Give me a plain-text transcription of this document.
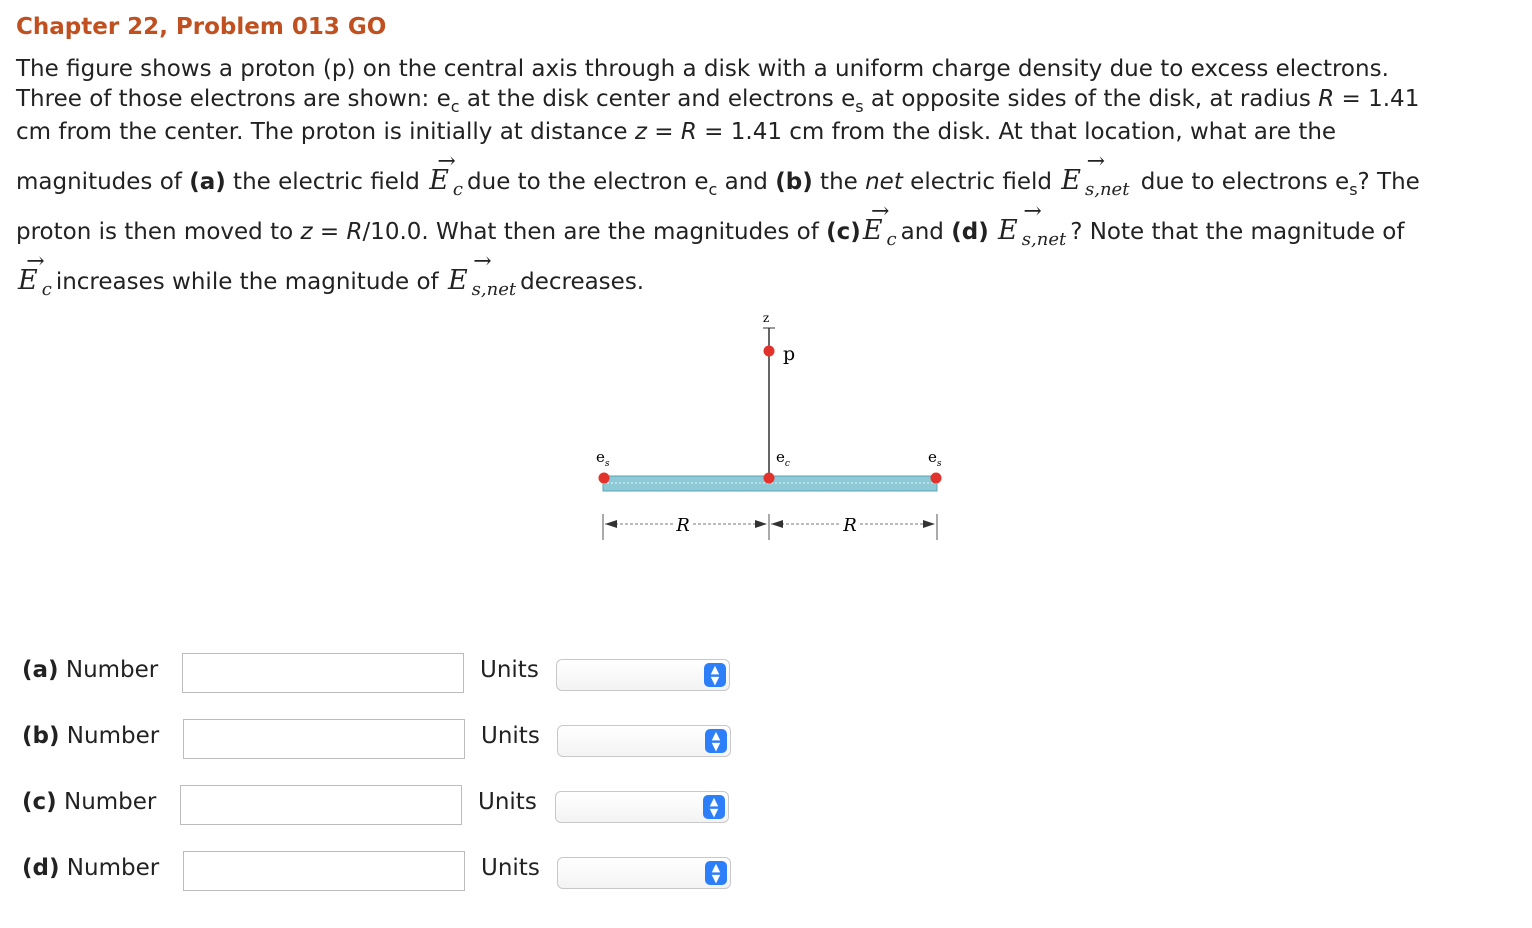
Chapter 22, Problem 013 GO
The figure shows a proton (p) on the central axis through a disk with a uniform charge density due to excess electrons.
Three of those electrons are shown: $e_c$ at the disk center and electrons $e_s$ at opposite sides of the disk, at radius R = 1.41
cm from the center. The proton is initially at distance z = R = 1.41 cm from the disk. At that location, what are the
magnitudes of (a) the electric field
→
E $_c$ due to the electron $e_c$ and (b) the net electric field
→
E $_{s,net}$ due to electrons $e_s$? The
proton is then moved to z = R/10.0. What then are the magnitudes of (c)
→
E $_c$ and (d)
→
E $_{s,net}$ ? Note that the magnitude of
→
E $_c$ increases while the magnitude of
→
E $_{s,net}$ decreases.
z
p
$e_s$	$e_c$	$e_s$
R	R
(a) Number	Units	▲
▼
(b) Number	Units	▲
▼
(c) Number	Units	▲
▼
(d) Number	Units	▲
▼
